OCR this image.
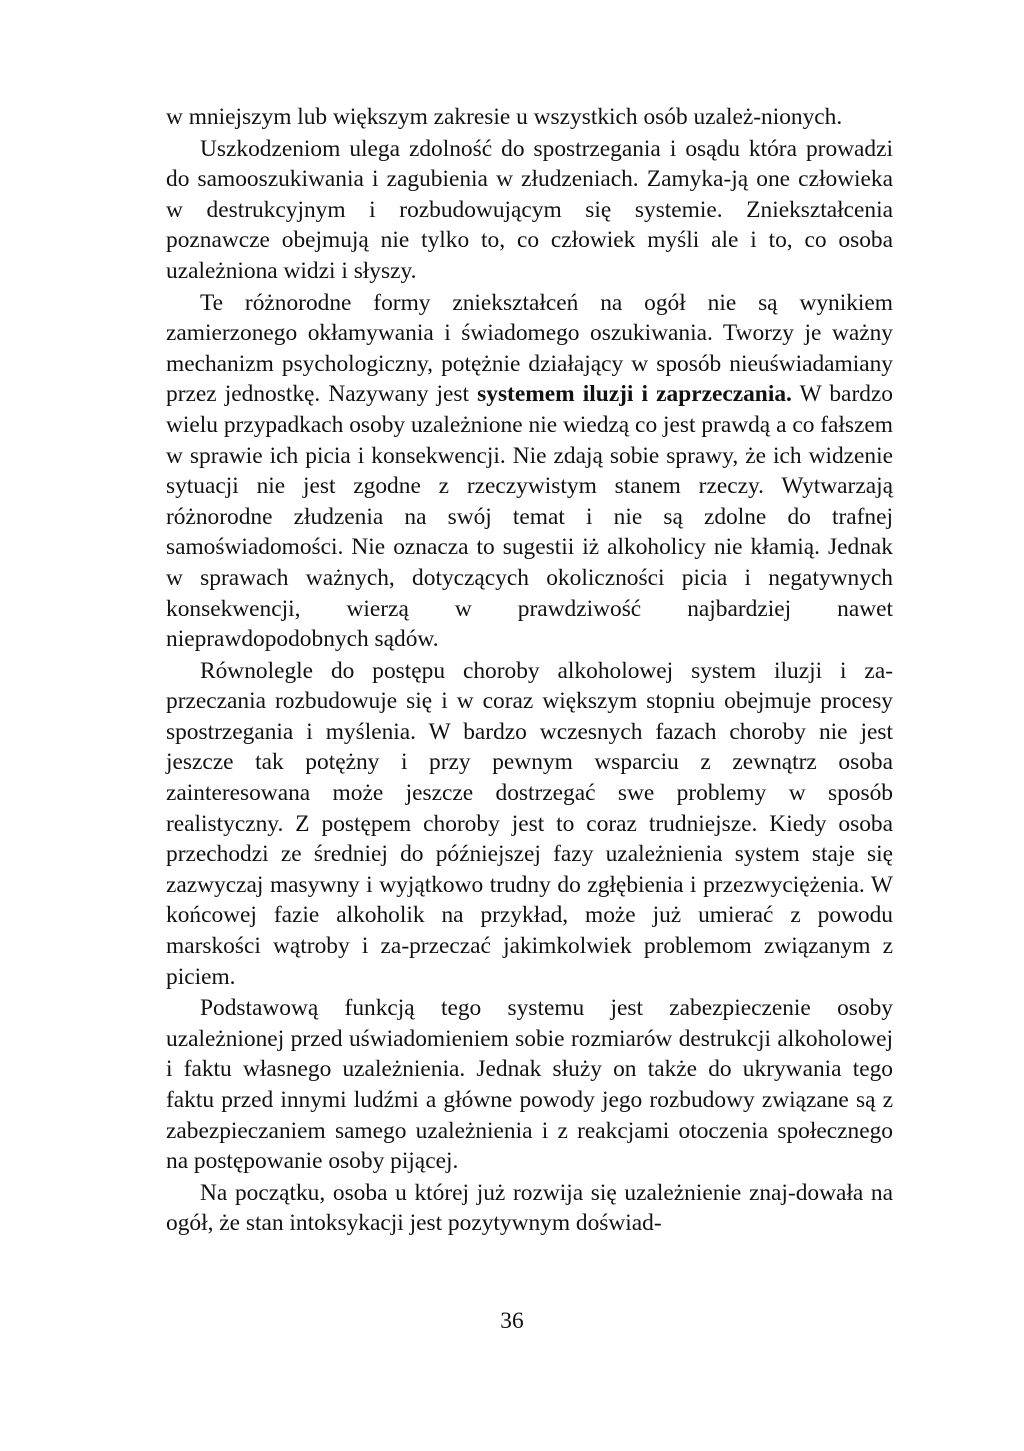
w mniejszym lub większym zakresie u wszystkich osób uzależ-nionych.

Uszkodzeniom ulega zdolność do spostrzegania i osądu która prowadzi do samooszukiwania i zagubienia w złudzeniach. Zamyka-ją one człowieka w destrukcyjnym i rozbudowującym się systemie. Zniekształcenia poznawcze obejmują nie tylko to, co człowiek myśli ale i to, co osoba uzależniona widzi i słyszy.

Te różnorodne formy zniekształceń na ogół nie są wynikiem zamierzonego okłamywania i świadomego oszukiwania. Tworzy je ważny mechanizm psychologiczny, potężnie działający w sposób nieuświadamiany przez jednostkę. Nazywany jest systemem iluzji i zaprzeczania. W bardzo wielu przypadkach osoby uzależnione nie wiedzą co jest prawdą a co fałszem w sprawie ich picia i konsekwencji. Nie zdają sobie sprawy, że ich widzenie sytuacji nie jest zgodne z rzeczywistym stanem rzeczy. Wytwarzają różnorodne złudzenia na swój temat i nie są zdolne do trafnej samoświadomości. Nie oznacza to sugestii iż alkoholicy nie kłamią. Jednak w sprawach ważnych, dotyczących okoliczności picia i negatywnych konsekwencji, wierzą w prawdziwość najbardziej nawet nieprawdopodobnych sądów.

Równolegle do postępu choroby alkoholowej system iluzji i za-przeczania rozbudowuje się i w coraz większym stopniu obejmuje procesy spostrzegania i myślenia. W bardzo wczesnych fazach choroby nie jest jeszcze tak potężny i przy pewnym wsparciu z zewnątrz osoba zainteresowana może jeszcze dostrzegać swe problemy w sposób realistyczny. Z postępem choroby jest to coraz trudniejsze. Kiedy osoba przechodzi ze średniej do późniejszej fazy uzależnienia system staje się zazwyczaj masywny i wyjątkowo trudny do zgłębienia i przezwyciężenia. W końcowej fazie alkoholik na przykład, może już umierać z powodu marskości wątroby i za-przeczać jakimkolwiek problemom związanym z piciem.

Podstawową funkcją tego systemu jest zabezpieczenie osoby uzależnionej przed uświadomieniem sobie rozmiarów destrukcji alkoholowej i faktu własnego uzależnienia. Jednak służy on także do ukrywania tego faktu przed innymi ludźmi a główne powody jego rozbudowy związane są z zabezpieczaniem samego uzależnienia i z reakcjami otoczenia społecznego na postępowanie osoby pijącej.

Na początku, osoba u której już rozwija się uzależnienie znaj-dowała na ogół, że stan intoksykacji jest pozytywnym doświad-

36
